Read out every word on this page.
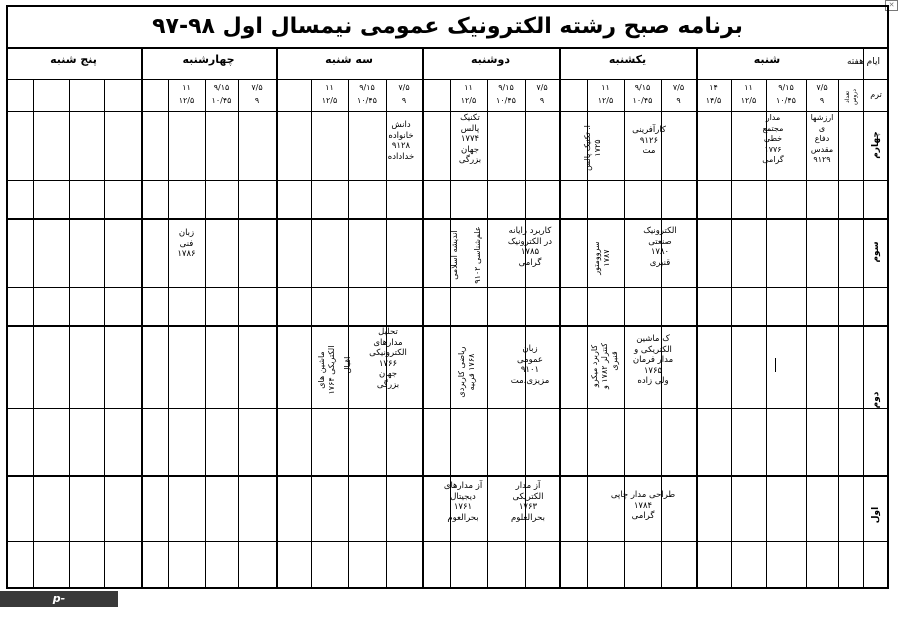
✕
برنامه صبح رشته الکترونیک عمومی نیمسال اول ۹۸-۹۷
شنبه
یکشنبه
دوشنبه
سه شنبه
چهارشنبه
پنج شنبه	ایام هفته
ترم
تعداد
دروس
۷/۵
۹
۹/۱۵
۱۰/۴۵
۱۱
۱۲/۵
۱۴
۱۴/۵
۷/۵
۹
۹/۱۵
۱۰/۴۵
۱۱
۱۲/۵
۷/۵
۹
۹/۱۵
۱۰/۴۵
۱۱
۱۲/۵
۷/۵
۹
۹/۱۵
۱۰/۴۵
۱۱
۱۲/۵
۷/۵
۹
۹/۱۵
۱۰/۴۵
۱۱
۱۲/۵
چهارم
سوم
دوم
اول
ارزشها
ی
دفاع
مقدس
۹۱۲۹
مدار
مجتمع
خطی
۱۷۷۶
گرامی
کارآفرینی
۹۱۲۶
مت
ا. تکنیک پالس
۱۷۲۵
تکنیک
پالس
۱۷۷۴
جهان
بزرگی
دانش
خانواده
۹۱۲۸
خداداده
الکترونیک
صنعتی
۱۷۸۰
قنبری
سروومتور
۱۷۸۷
کاربرد رایانه
در الکترونیک
۱۷۸۵
گرامی
علم‌شناسی ۹۱۰۲
اندیشه اسلامی
زبان
فنی
۱۷۸۶
ک ماشین
الکتریکی و
مدار فرمان
۱۷۶۵
ولی زاده
کاربرد میکرو
کنترلر ۱۷۸۲ و
قنبری
زبان
عمومی
۹۱۰۱
مزیزی.مت
ریاضی کاربردی
۱۷۶۸ قربیه
تحلیل
مدارهای
الکترونیکی
۱۷۶۶
جهان
بزرگی
ماشین های
الکتریکی ۱۷۶۴
اقبال
طراحی مدار چاپی
۱۷۸۴
گرامی
آز مدار
الکتریکی
۱۷۶۳
بحرالعلوم
آز مدارهای
دیجیتال
۱۷۶۱
بحرالعوم
p-estahban.nus.ac.ir
